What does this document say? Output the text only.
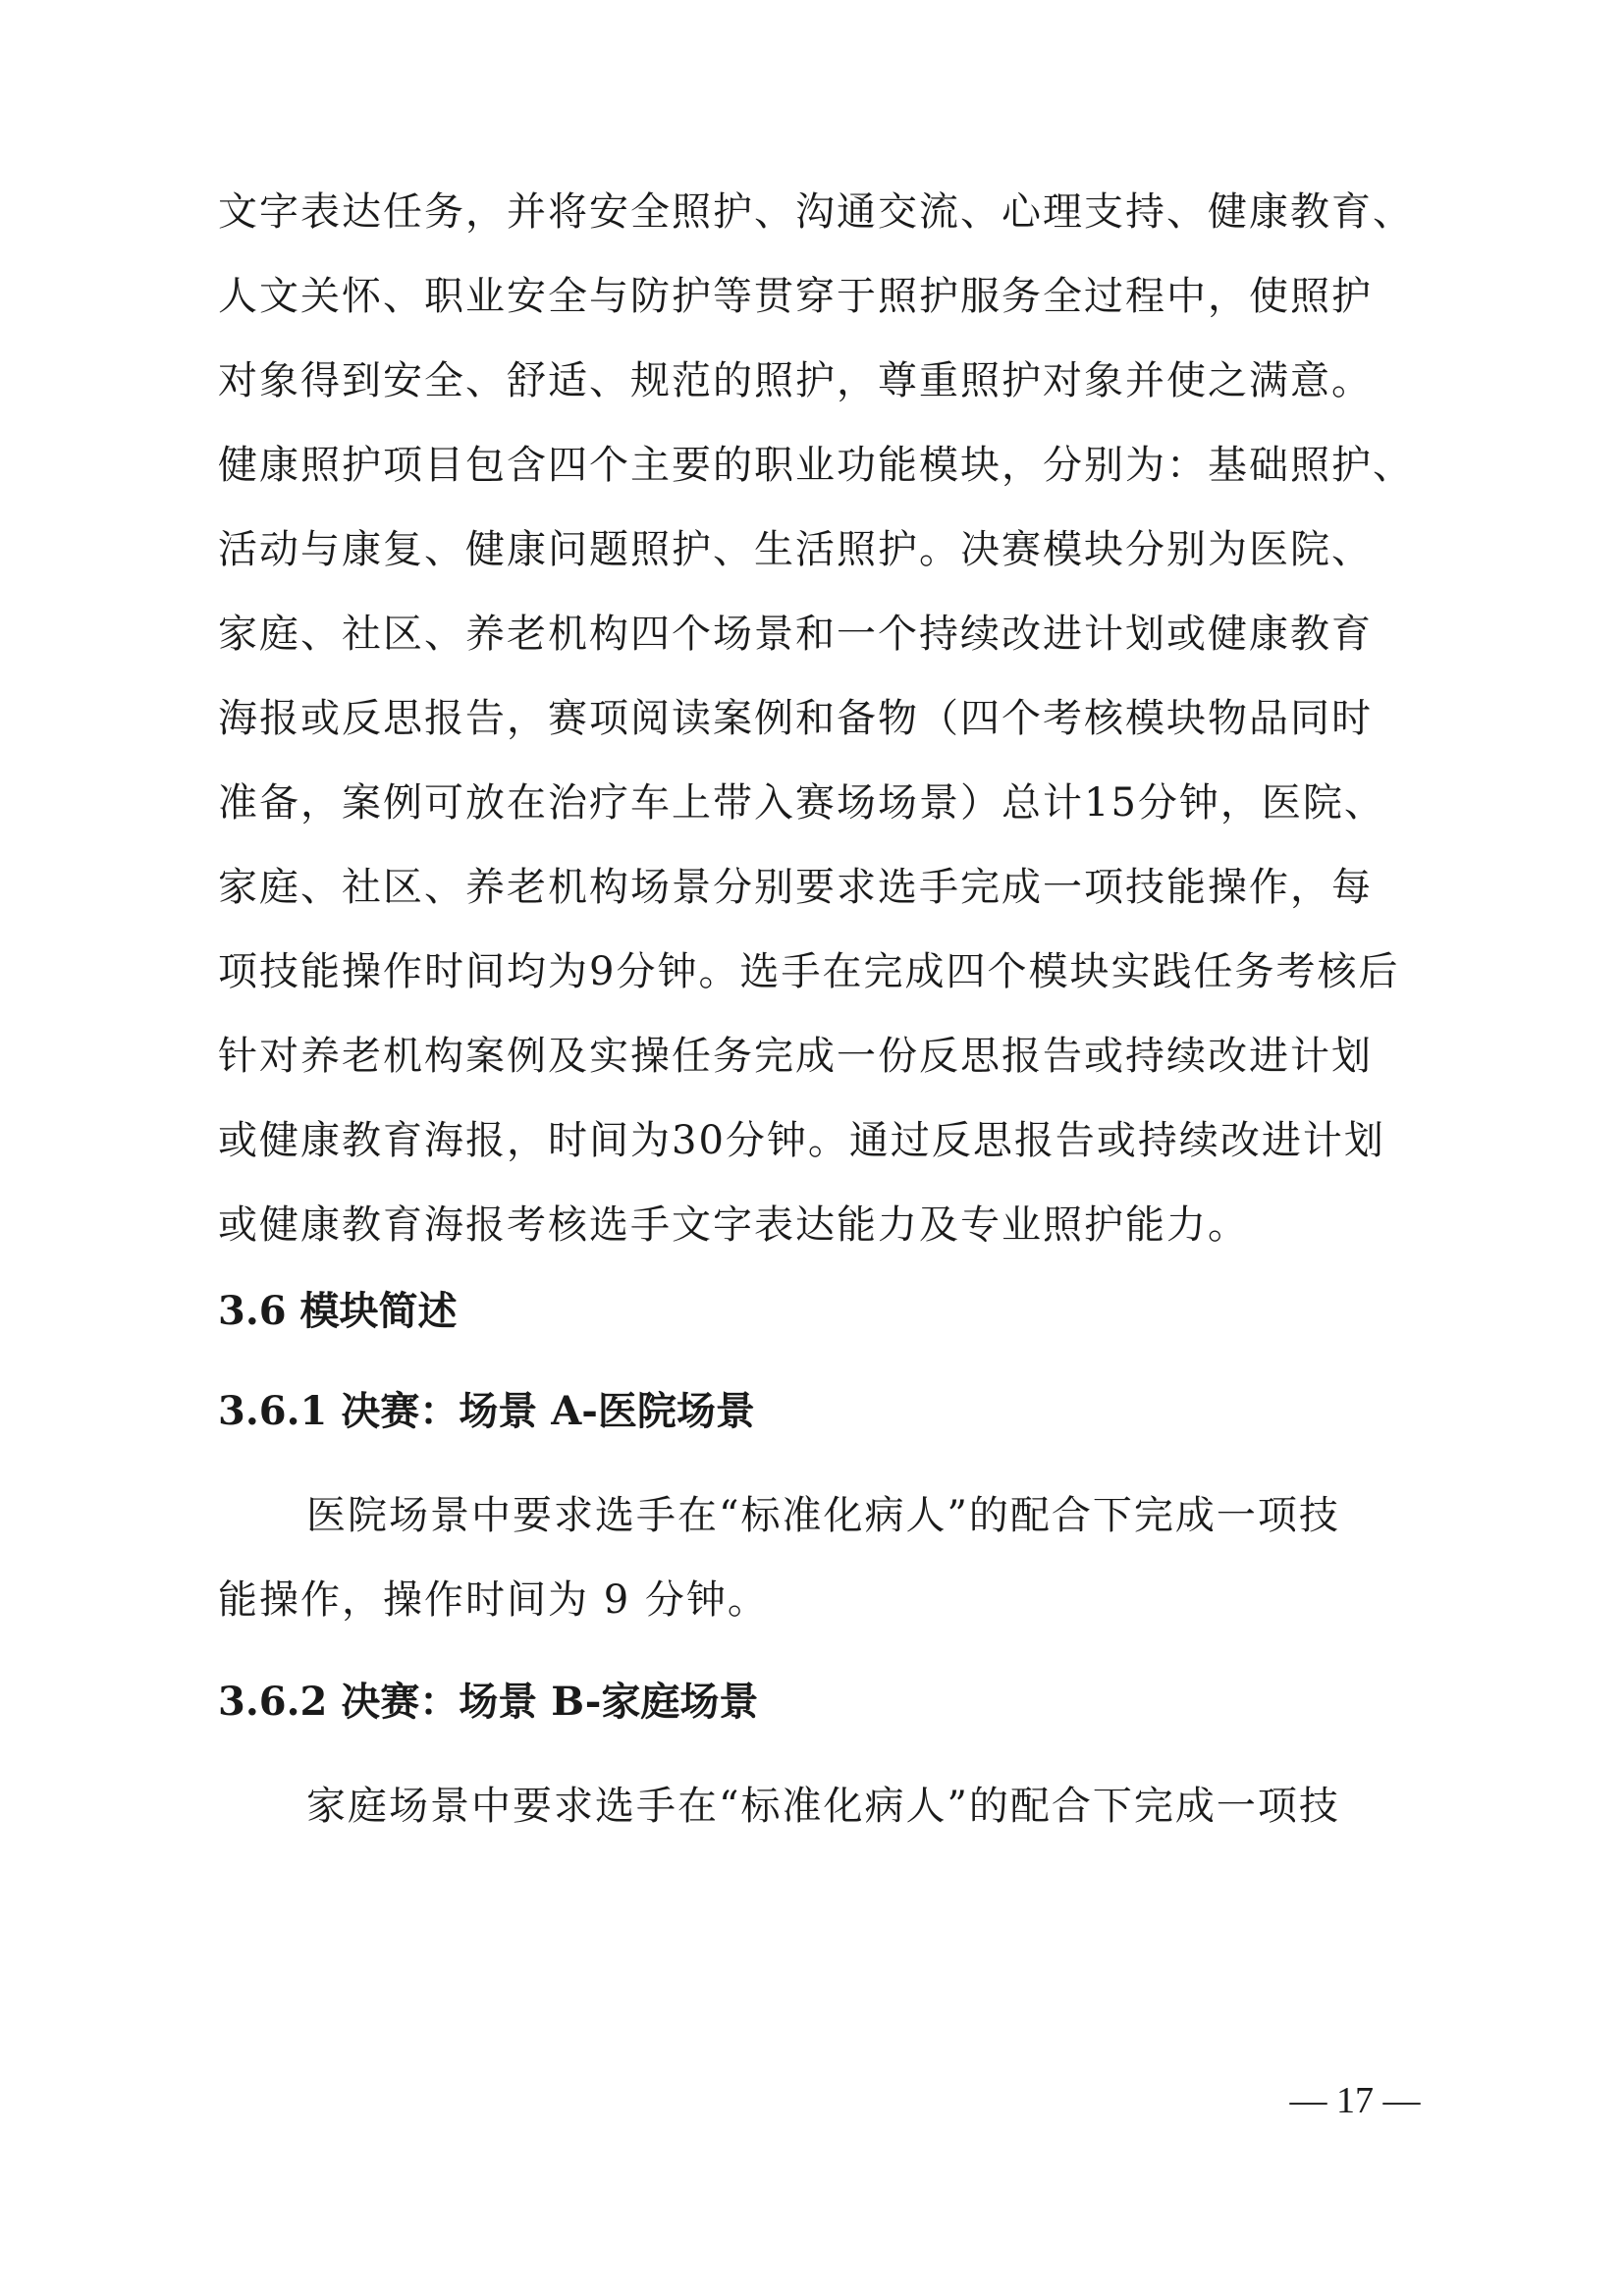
文字表达任务，并将安全照护、沟通交流、心理支持、健康教育、
人文关怀、职业安全与防护等贯穿于照护服务全过程中，使照护
对象得到安全、舒适、规范的照护，尊重照护对象并使之满意。
健康照护项目包含四个主要的职业功能模块，分别为：基础照护、
活动与康复、健康问题照护、生活照护。决赛模块分别为医院、
家庭、社区、养老机构四个场景和一个持续改进计划或健康教育
海报或反思报告，赛项阅读案例和备物（四个考核模块物品同时
准备，案例可放在治疗车上带入赛场场景）总计15分钟，医院、
家庭、社区、养老机构场景分别要求选手完成一项技能操作，每
项技能操作时间均为9分钟。选手在完成四个模块实践任务考核后
针对养老机构案例及实操任务完成一份反思报告或持续改进计划
或健康教育海报，时间为30分钟。通过反思报告或持续改进计划
或健康教育海报考核选手文字表达能力及专业照护能力。
3.6 模块简述
3.6.1 决赛：场景 A-医院场景
医院场景中要求选手在“标准化病人”的配合下完成一项技
能操作，操作时间为 9 分钟。
3.6.2 决赛：场景 B-家庭场景
家庭场景中要求选手在“标准化病人”的配合下完成一项技
— 17 —
